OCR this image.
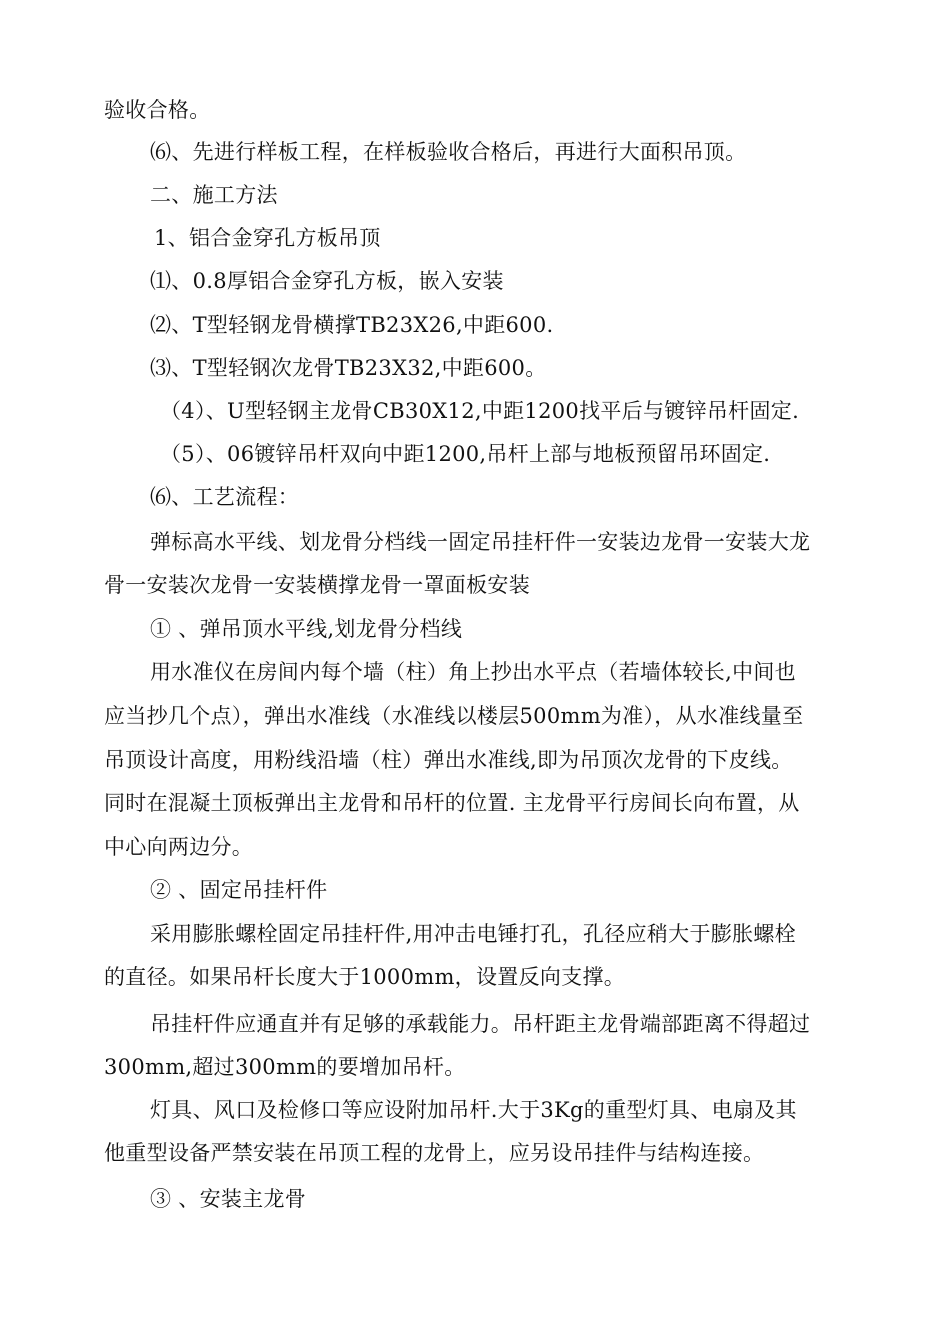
验收合格。
⑹、先进行样板工程，在样板验收合格后，再进行大面积吊顶。
二、施工方法
1、铝合金穿孔方板吊顶
⑴、0.8厚铝合金穿孔方板，嵌入安装
⑵、T型轻钢龙骨横撑TB23X26,中距600.
⑶、T型轻钢次龙骨TB23X32,中距600。
（4）、U型轻钢主龙骨CB30X12,中距1200找平后与镀锌吊杆固定.
（5）、06镀锌吊杆双向中距1200,吊杆上部与地板预留吊环固定.
⑹、工艺流程：
弹标高水平线、划龙骨分档线一固定吊挂杆件一安装边龙骨一安装大龙
骨一安装次龙骨一安装横撑龙骨一罩面板安装
① 、弹吊顶水平线,划龙骨分档线
用水准仪在房间内每个墙（柱）角上抄出水平点（若墙体较长,中间也
应当抄几个点），弹出水准线（水准线以楼层500mm为准），从水准线量至
吊顶设计高度，用粉线沿墙（柱）弹出水准线,即为吊顶次龙骨的下皮线。
同时在混凝土顶板弹出主龙骨和吊杆的位置. 主龙骨平行房间长向布置，从
中心向两边分。
② 、固定吊挂杆件
采用膨胀螺栓固定吊挂杆件,用冲击电锤打孔，孔径应稍大于膨胀螺栓
的直径。如果吊杆长度大于1000mm，设置反向支撑。
吊挂杆件应通直并有足够的承载能力。吊杆距主龙骨端部距离不得超过
300mm,超过300mm的要增加吊杆。
灯具、风口及检修口等应设附加吊杆.大于3Kg的重型灯具、电扇及其
他重型设备严禁安装在吊顶工程的龙骨上，应另设吊挂件与结构连接。
③ 、安装主龙骨
